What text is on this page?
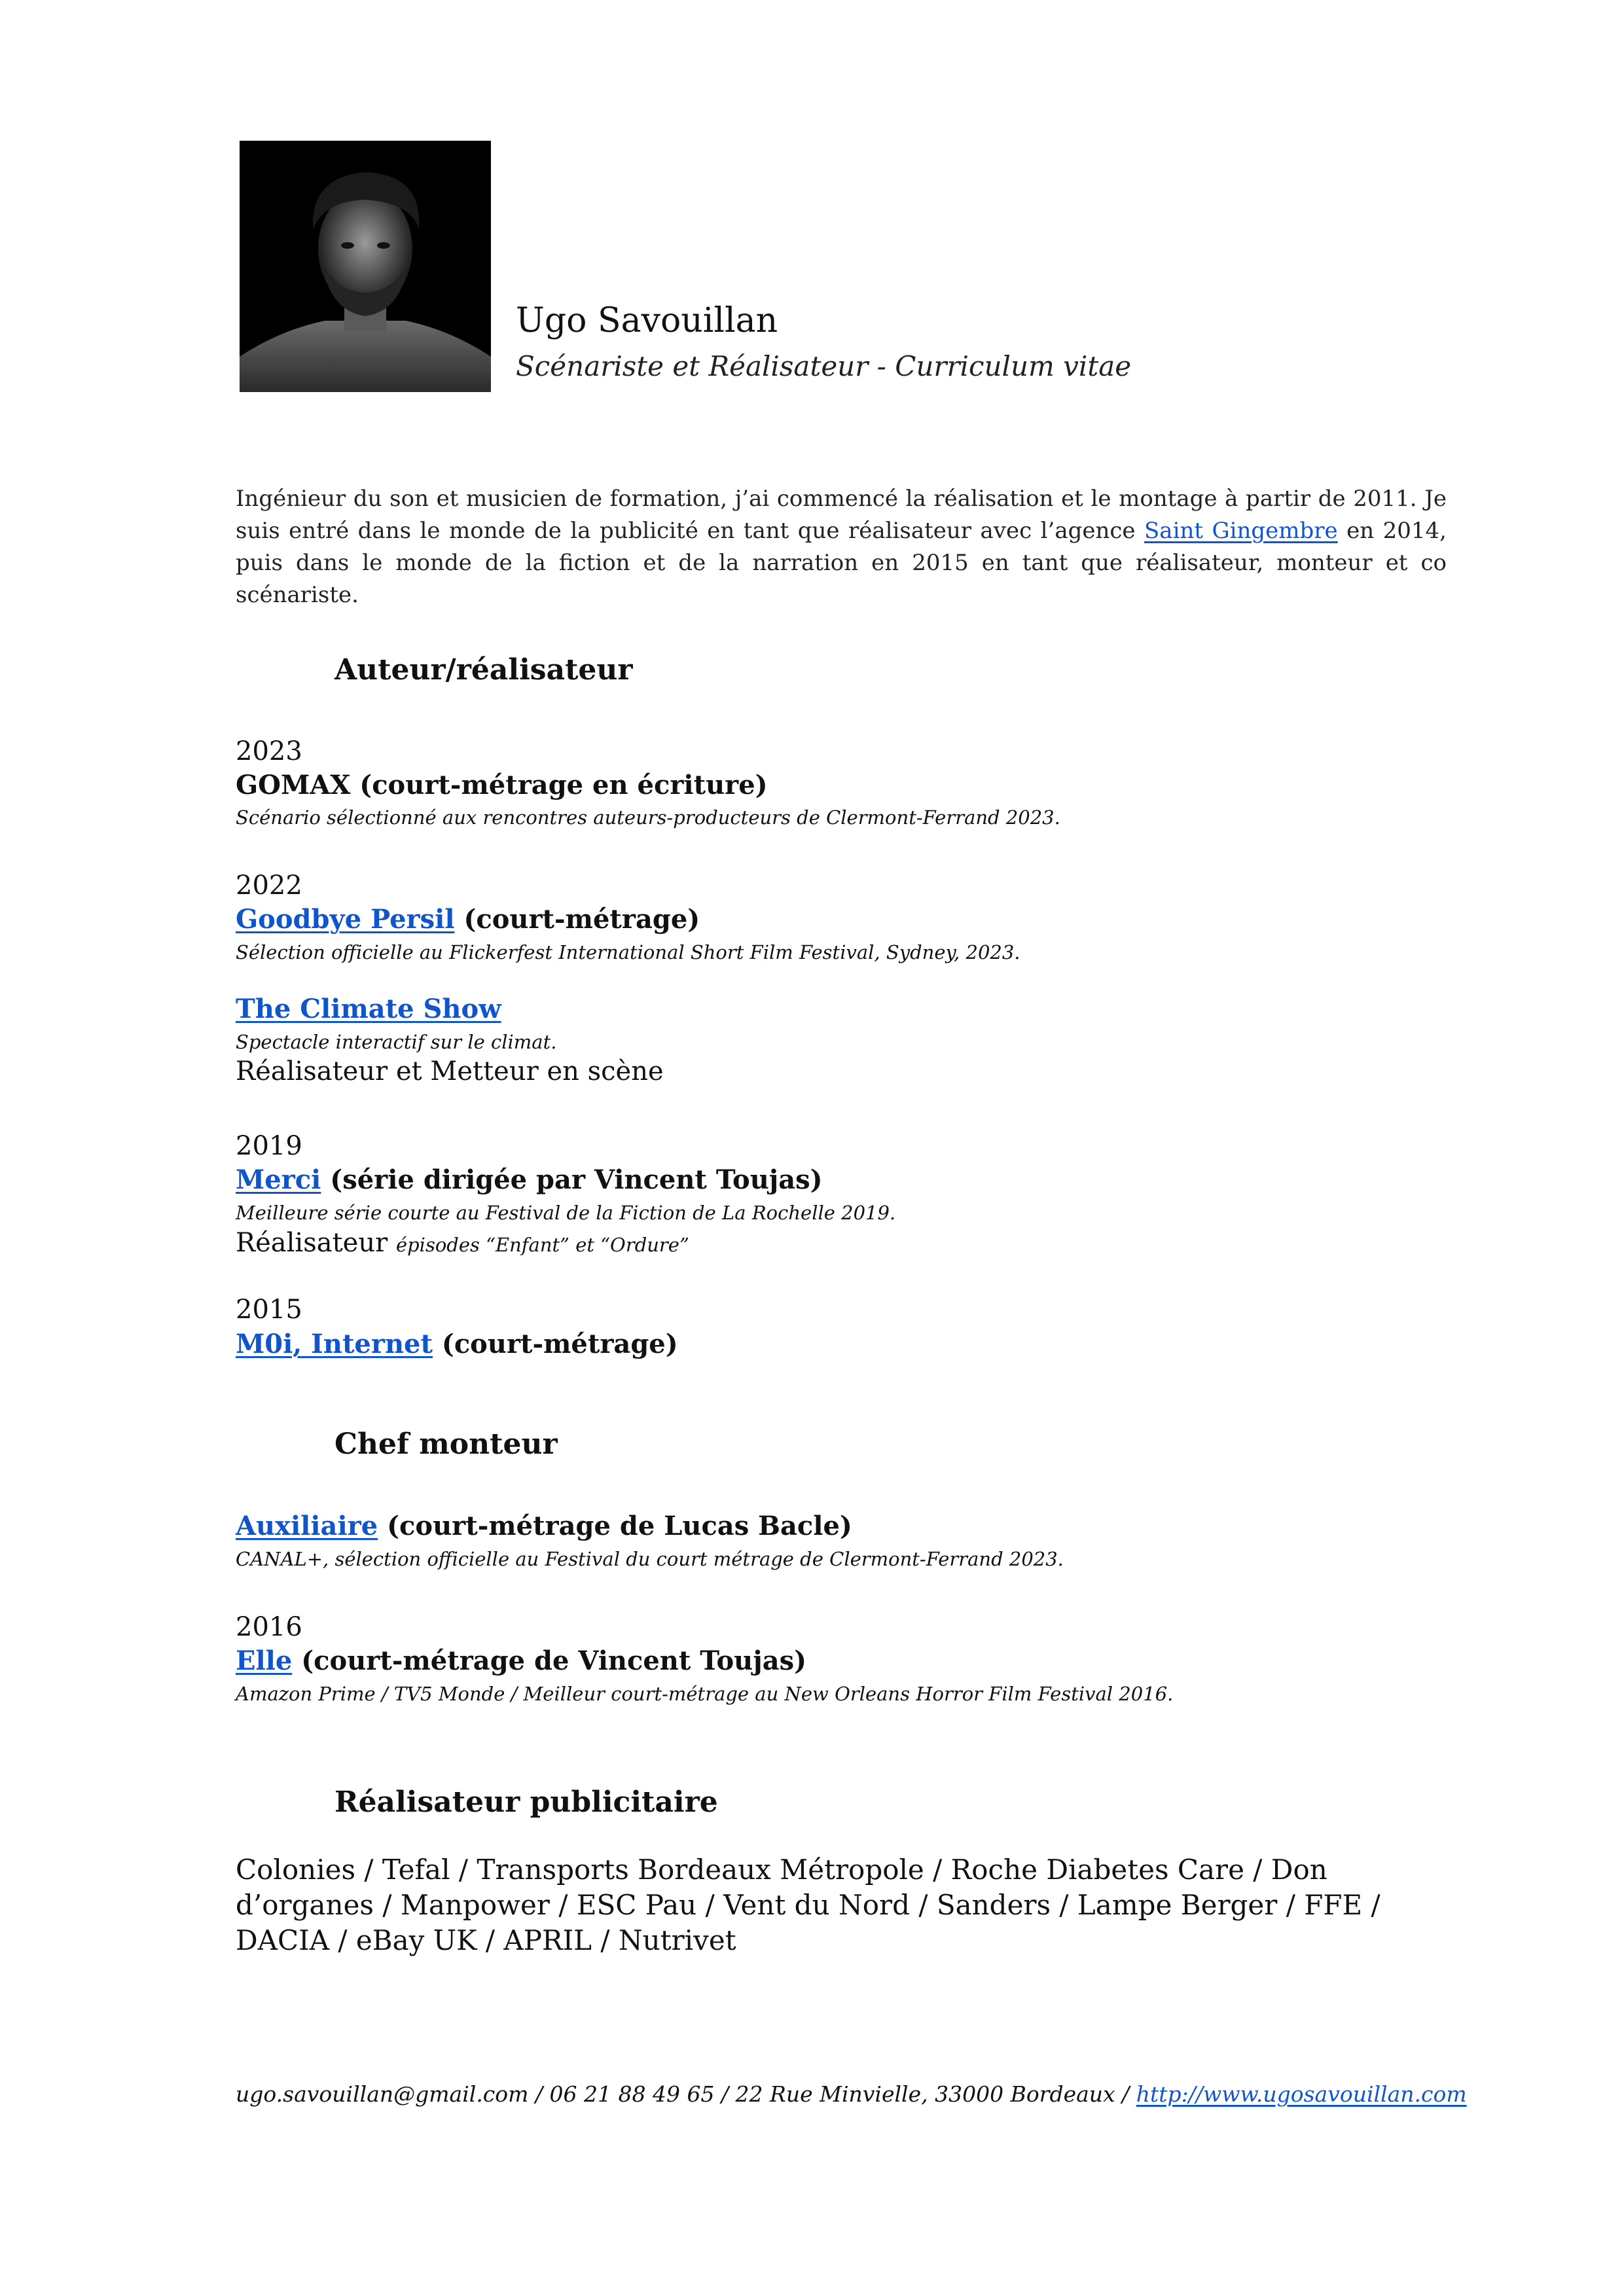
Ugo Savouillan
Scénariste et Réalisateur - Curriculum vitae
Ingénieur du son et musicien de formation, j’ai commencé la réalisation et le montage à partir de 2011. Je suis entré dans le monde de la publicité en tant que réalisateur avec l’agence Saint Gingembre en 2014, puis dans le monde de la fiction et de la narration en 2015 en tant que réalisateur, monteur et co scénariste.
Auteur/réalisateur
2023
GOMAX (court-métrage en écriture)
Scénario sélectionné aux rencontres auteurs-producteurs de Clermont-Ferrand 2023.
2022
Goodbye Persil (court-métrage)
Sélection officielle au Flickerfest International Short Film Festival, Sydney, 2023.
The Climate Show
Spectacle interactif sur le climat.
Réalisateur et Metteur en scène
2019
Merci (série dirigée par Vincent Toujas)
Meilleure série courte au Festival de la Fiction de La Rochelle 2019.
Réalisateur épisodes “Enfant” et “Ordure”
2015
M0i, Internet (court-métrage)
Chef monteur
Auxiliaire (court-métrage de Lucas Bacle)
CANAL+, sélection officielle au Festival du court métrage de Clermont-Ferrand 2023.
2016
Elle (court-métrage de Vincent Toujas)
Amazon Prime / TV5 Monde / Meilleur court-métrage au New Orleans Horror Film Festival 2016.
Réalisateur publicitaire
Colonies / Tefal / Transports Bordeaux Métropole / Roche Diabetes Care / Don d’organes / Manpower / ESC Pau / Vent du Nord / Sanders / Lampe Berger / FFE / DACIA / eBay UK / APRIL / Nutrivet
ugo.savouillan@gmail.com / 06 21 88 49 65 / 22 Rue Minvielle, 33000 Bordeaux / http://www.ugosavouillan.com
